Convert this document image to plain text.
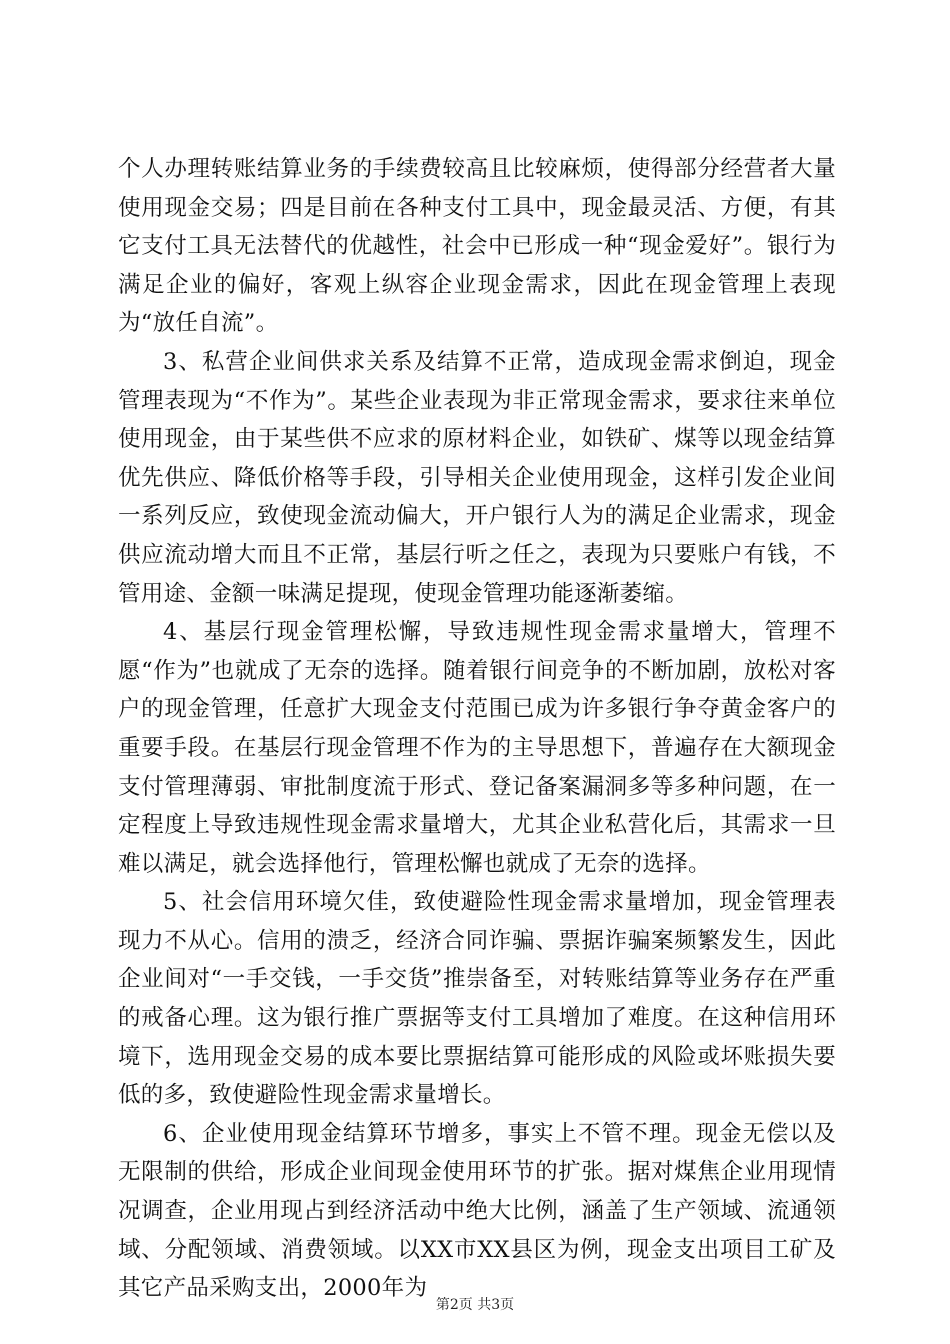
个人办理转账结算业务的手续费较高且比较麻烦，使得部分经营者大量使用现金交易；四是目前在各种支付工具中，现金最灵活、方便，有其它支付工具无法替代的优越性，社会中已形成一种“现金爱好”。银行为满足企业的偏好，客观上纵容企业现金需求，因此在现金管理上表现为“放任自流”。

3、私营企业间供求关系及结算不正常，造成现金需求倒迫，现金管理表现为“不作为”。某些企业表现为非正常现金需求，要求往来单位使用现金，由于某些供不应求的原材料企业，如铁矿、煤等以现金结算优先供应、降低价格等手段，引导相关企业使用现金，这样引发企业间一系列反应，致使现金流动偏大，开户银行人为的满足企业需求，现金供应流动增大而且不正常，基层行听之任之，表现为只要账户有钱，不管用途、金额一味满足提现，使现金管理功能逐渐萎缩。

4、基层行现金管理松懈，导致违规性现金需求量增大，管理不愿“作为”也就成了无奈的选择。随着银行间竞争的不断加剧，放松对客户的现金管理，任意扩大现金支付范围已成为许多银行争夺黄金客户的重要手段。在基层行现金管理不作为的主导思想下，普遍存在大额现金支付管理薄弱、审批制度流于形式、登记备案漏洞多等多种问题，在一定程度上导致违规性现金需求量增大，尤其企业私营化后，其需求一旦难以满足，就会选择他行，管理松懈也就成了无奈的选择。

5、社会信用环境欠佳，致使避险性现金需求量增加，现金管理表现力不从心。信用的溃乏，经济合同诈骗、票据诈骗案频繁发生，因此企业间对“一手交钱，一手交货”推崇备至，对转账结算等业务存在严重的戒备心理。这为银行推广票据等支付工具增加了难度。在这种信用环境下，选用现金交易的成本要比票据结算可能形成的风险或坏账损失要低的多，致使避险性现金需求量增长。

6、企业使用现金结算环节增多，事实上不管不理。现金无偿以及无限制的供给，形成企业间现金使用环节的扩张。据对煤焦企业用现情况调查，企业用现占到经济活动中绝大比例，涵盖了生产领域、流通领域、分配领域、消费领域。以XX市XX县区为例，现金支出项目工矿及其它产品采购支出，2000年为

第2页 共3页
